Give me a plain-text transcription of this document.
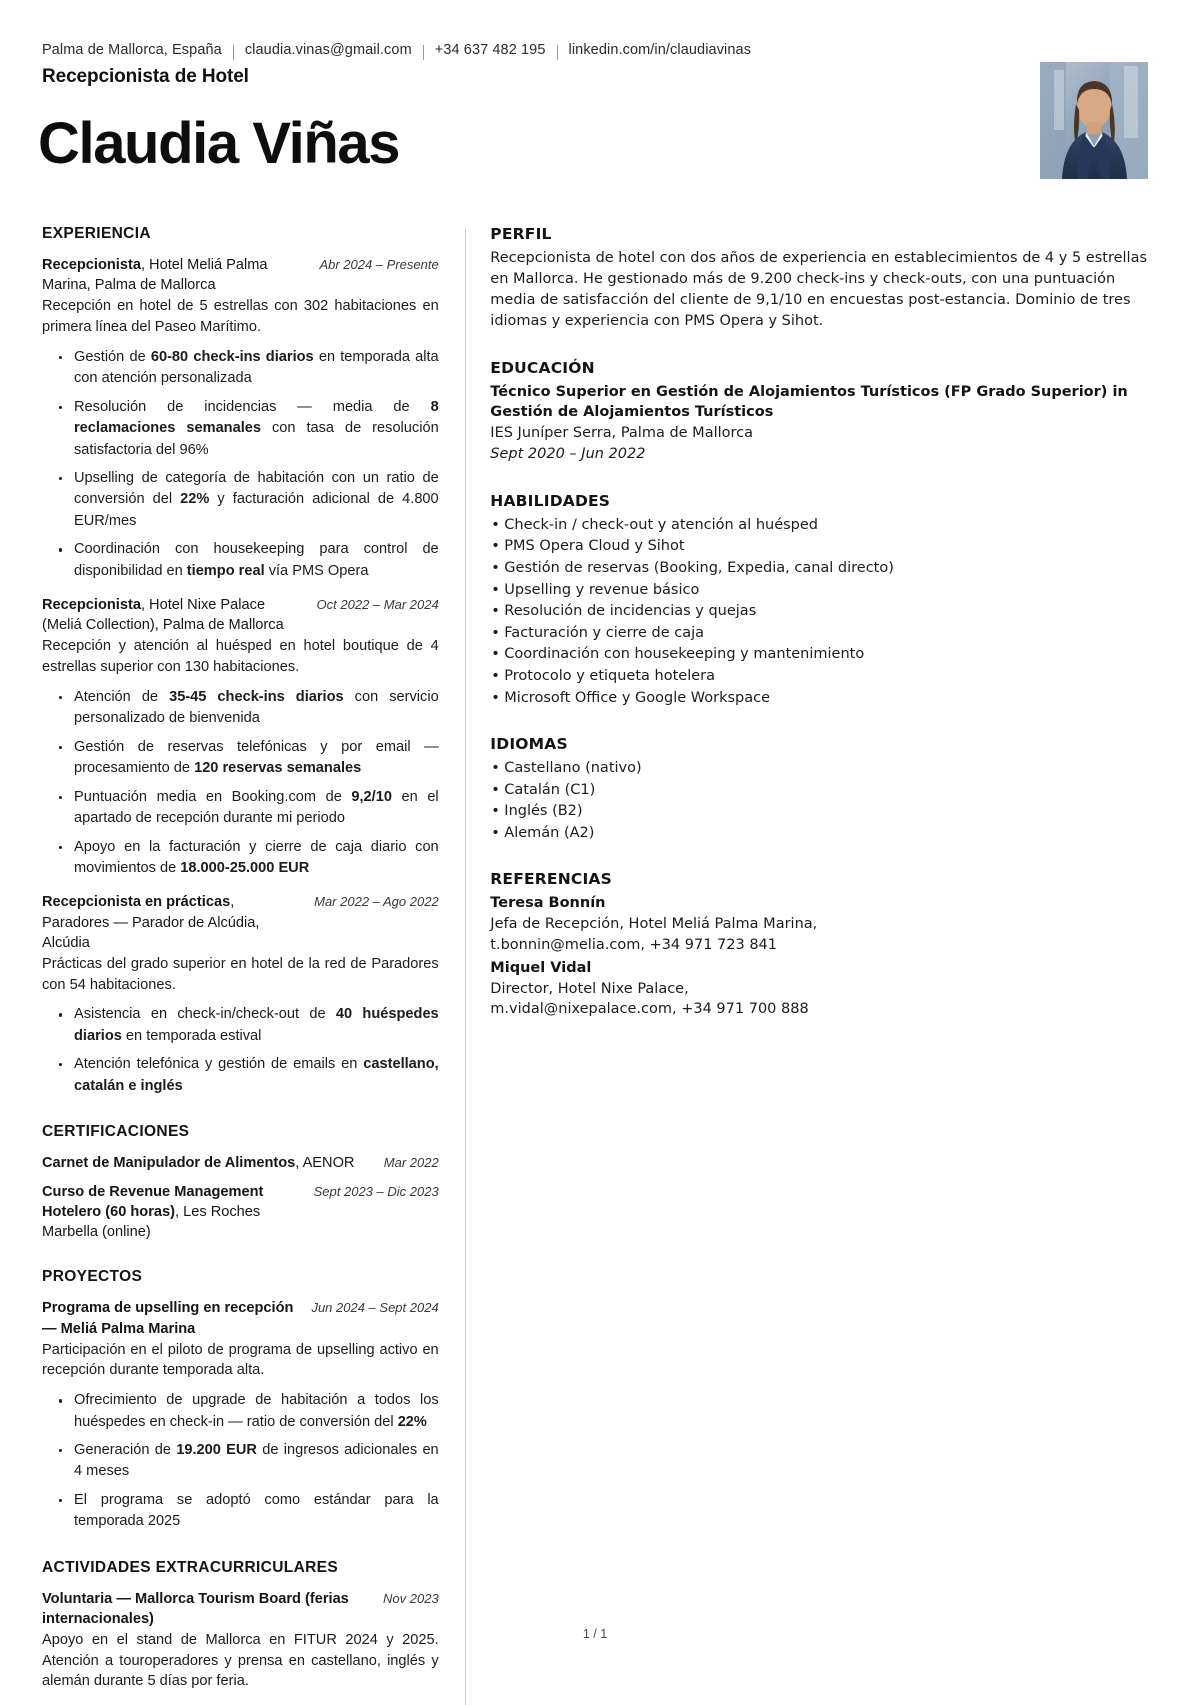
Palma de Mallorca, España claudia.vinas@gmail.com +34 637 482 195 linkedin.com/in/claudiavinas
Recepcionista de Hotel
Claudia Viñas
EXPERIENCIA
Recepcionista, Hotel Meliá Palma Marina, Palma de Mallorca
Abr 2024 – Presente
Recepción en hotel de 5 estrellas con 302 habitaciones en primera línea del Paseo Marítimo.
Gestión de 60-80 check-ins diarios en temporada alta con atención personalizada
Resolución de incidencias — media de 8 reclamaciones semanales con tasa de resolución satisfactoria del 96%
Upselling de categoría de habitación con un ratio de conversión del 22% y facturación adicional de 4.800 EUR/mes
Coordinación con housekeeping para control de disponibilidad en tiempo real vía PMS Opera
Recepcionista, Hotel Nixe Palace (Meliá Collection), Palma de Mallorca
Oct 2022 – Mar 2024
Recepción y atención al huésped en hotel boutique de 4 estrellas superior con 130 habitaciones.
Atención de 35-45 check-ins diarios con servicio personalizado de bienvenida
Gestión de reservas telefónicas y por email — procesamiento de 120 reservas semanales
Puntuación media en Booking.com de 9,2/10 en el apartado de recepción durante mi periodo
Apoyo en la facturación y cierre de caja diario con movimientos de 18.000-25.000 EUR
Recepcionista en prácticas, Paradores — Parador de Alcúdia, Alcúdia
Mar 2022 – Ago 2022
Prácticas del grado superior en hotel de la red de Paradores con 54 habitaciones.
Asistencia en check-in/check-out de 40 huéspedes diarios en temporada estival
Atención telefónica y gestión de emails en castellano, catalán e inglés
CERTIFICACIONES
Carnet de Manipulador de Alimentos, AENOR Mar 2022
Curso de Revenue Management Hotelero (60 horas), Les Roches Marbella (online)
Sept 2023 – Dic 2023
PROYECTOS
Programa de upselling en recepción — Meliá Palma Marina
Jun 2024 – Sept 2024
Participación en el piloto de programa de upselling activo en recepción durante temporada alta.
Ofrecimiento de upgrade de habitación a todos los huéspedes en check-in — ratio de conversión del 22%
Generación de 19.200 EUR de ingresos adicionales en 4 meses
El programa se adoptó como estándar para la temporada 2025
ACTIVIDADES EXTRACURRICULARES
Voluntaria — Mallorca Tourism Board (ferias internacionales)
Nov 2023
Apoyo en el stand de Mallorca en FITUR 2024 y 2025. Atención a touroperadores y prensa en castellano, inglés y alemán durante 5 días por feria.
PERFIL
Recepcionista de hotel con dos años de experiencia en establecimientos de 4 y 5 estrellas en Mallorca. He gestionado más de 9.200 check-ins y check-outs, con una puntuación media de satisfacción del cliente de 9,1/10 en encuestas post-estancia. Dominio de tres idiomas y experiencia con PMS Opera y Sihot.
EDUCACIÓN
Técnico Superior en Gestión de Alojamientos Turísticos (FP Grado Superior) in Gestión de Alojamientos Turísticos
IES Juníper Serra, Palma de Mallorca
Sept 2020 – Jun 2022
HABILIDADES
• Check-in / check-out y atención al huésped
• PMS Opera Cloud y Sihot
• Gestión de reservas (Booking, Expedia, canal directo)
• Upselling y revenue básico
• Resolución de incidencias y quejas
• Facturación y cierre de caja
• Coordinación con housekeeping y mantenimiento
• Protocolo y etiqueta hotelera
• Microsoft Office y Google Workspace
IDIOMAS
• Castellano (nativo)
• Catalán (C1)
• Inglés (B2)
• Alemán (A2)
REFERENCIAS
Teresa Bonnín
Jefa de Recepción, Hotel Meliá Palma Marina,
t.bonnin@melia.com, +34 971 723 841
Miquel Vidal
Director, Hotel Nixe Palace,
m.vidal@nixepalace.com, +34 971 700 888
1 / 1
